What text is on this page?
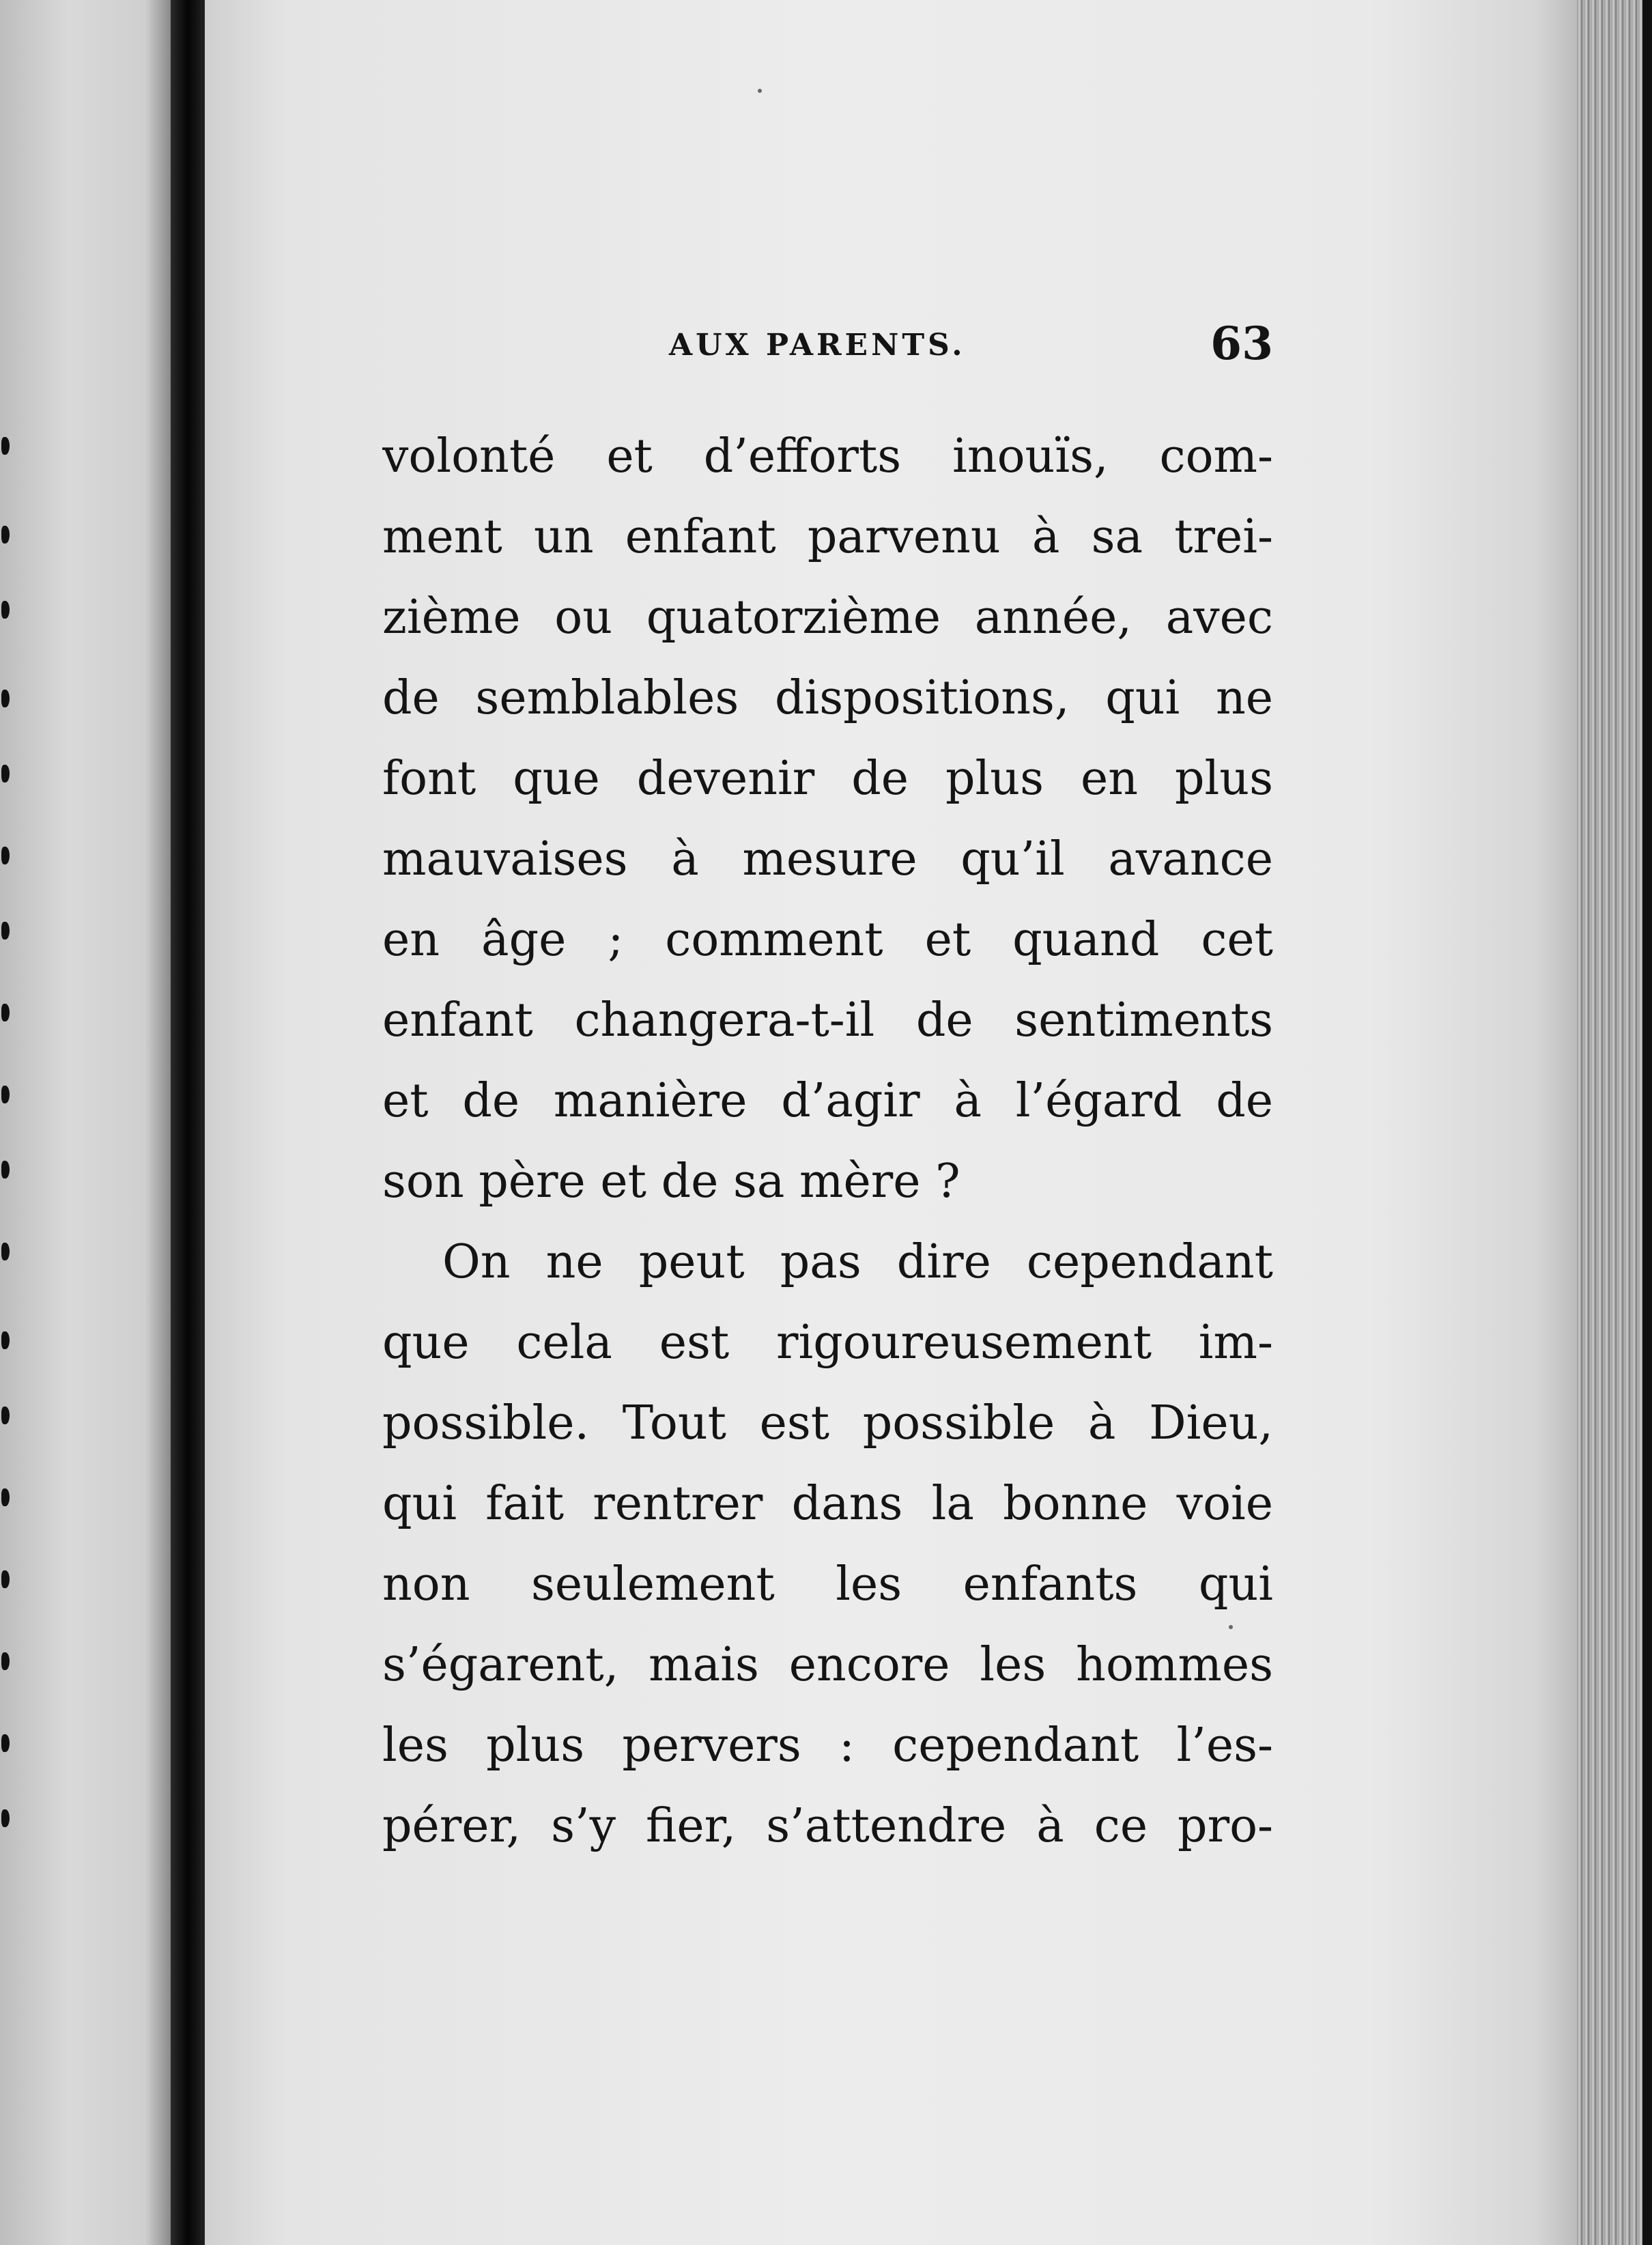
AUX PARENTS.	63
volonté et d’efforts inouïs, com-
ment un enfant parvenu à sa trei-
zième ou quatorzième année, avec
de semblables dispositions, qui ne
font que devenir de plus en plus
mauvaises à mesure qu’il avance
en âge ; comment et quand cet
enfant changera-t-il de sentiments
et de manière d’agir à l’égard de
son père et de sa mère ?
On ne peut pas dire cependant
que cela est rigoureusement im-
possible. Tout est possible à Dieu,
qui fait rentrer dans la bonne voie
non seulement les enfants qui
s’égarent, mais encore les hommes
les plus pervers : cependant l’es-
pérer, s’y fier, s’attendre à ce pro-
